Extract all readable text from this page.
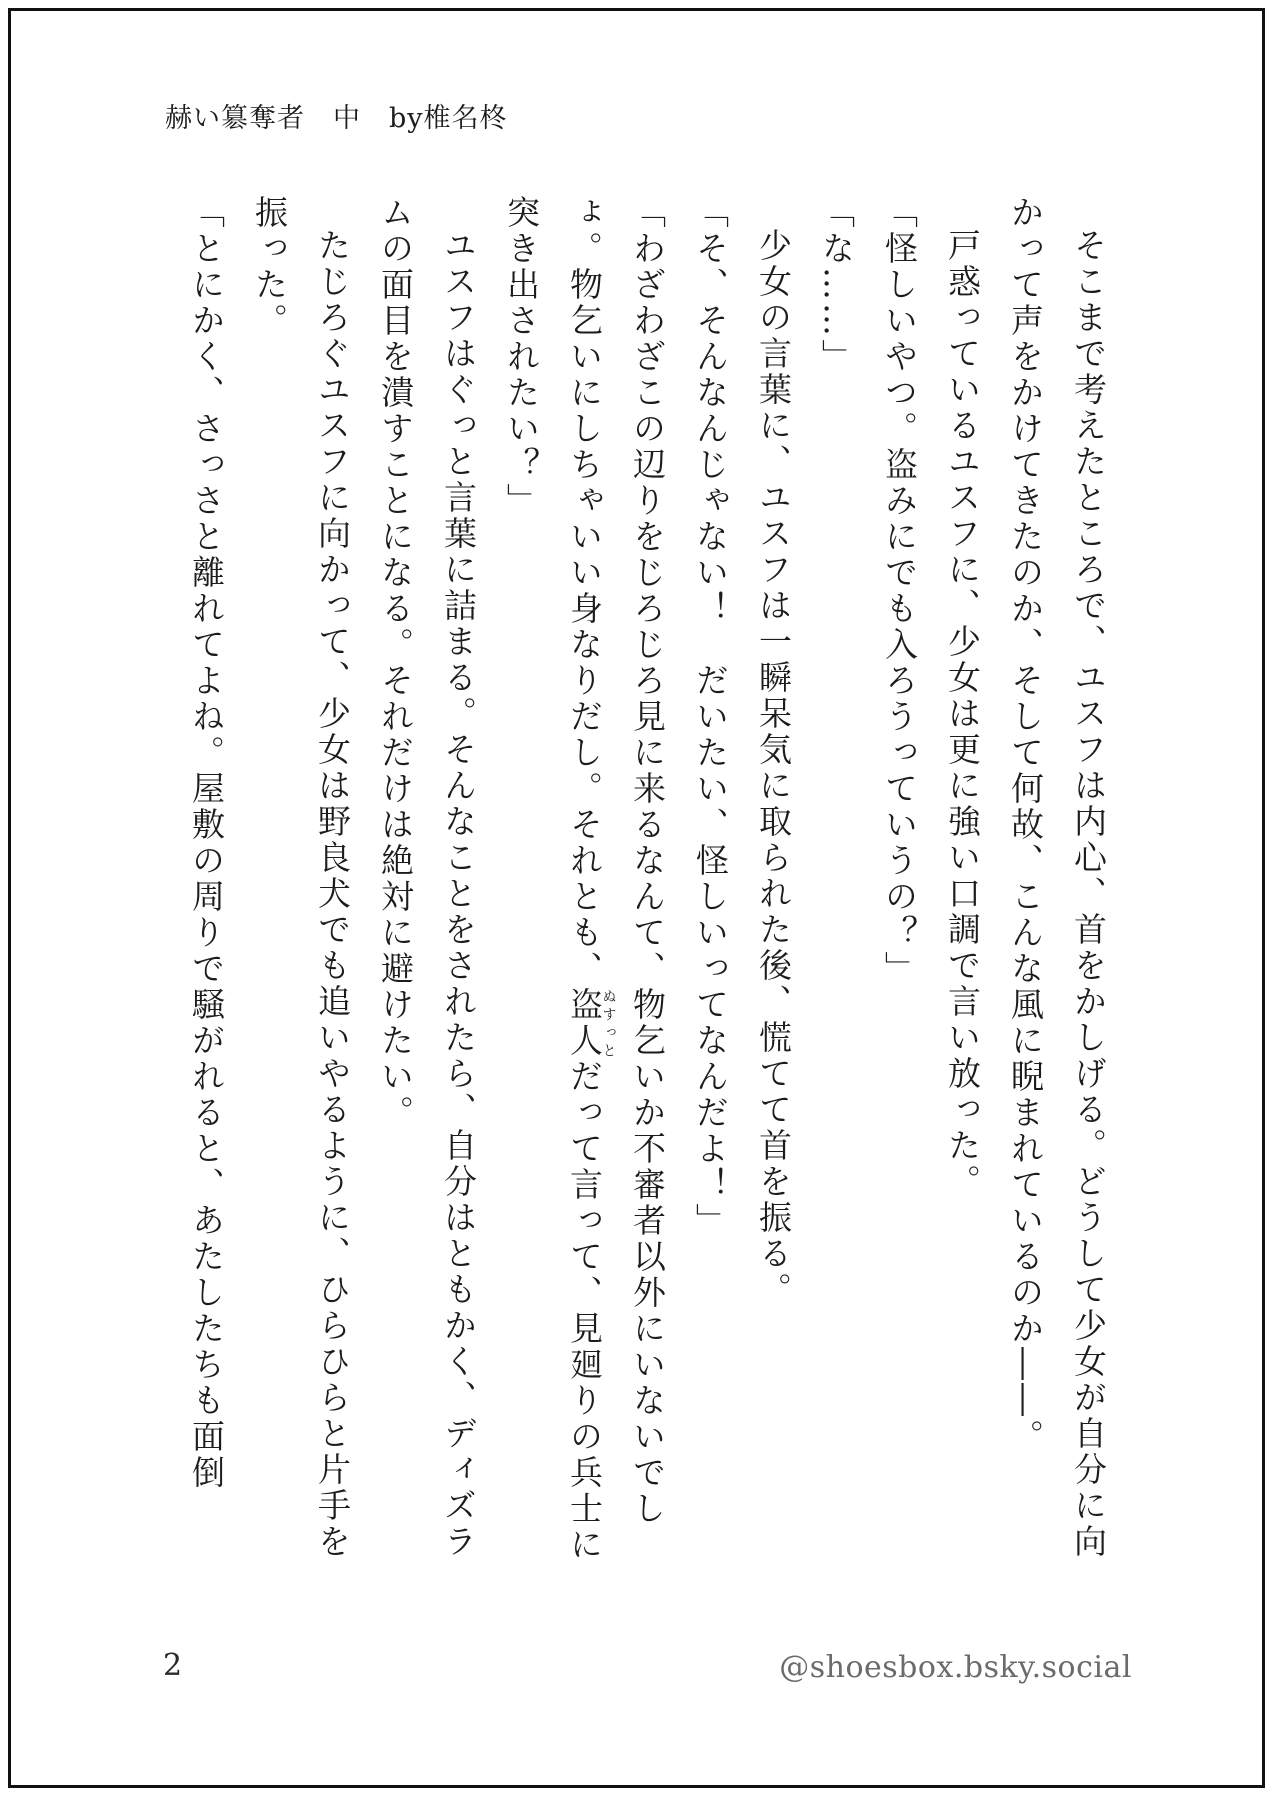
赫い簒奪者　 中　 by椎名柊

そこまで考えたところで、ユスフは内心、首をかしげる。どうして少女が自分に向かって声をかけてきたのか、そして何故、こんな風に睨まれているのか――。

戸惑っているユスフに、少女は更に強い口調で言い放った。

「怪しいやつ。盗みにでも入ろうっていうの？」

「な……」

少女の言葉に、ユスフは一瞬呆気に取られた後、慌てて首を振る。

「そ、そんなんじゃない！　だいたい、怪しいってなんだよ！」

「わざわざこの辺りをじろじろ見に来るなんて、物乞いか不審者以外にいないでしょ。物乞いにしちゃいい身なりだし。それとも、盗人ぬすっとだって言って、見廻りの兵士に突き出されたい？」

ユスフはぐっと言葉に詰まる。そんなことをされたら、自分はともかく、ディズラムの面目を潰すことになる。それだけは絶対に避けたい。

たじろぐユスフに向かって、少女は野良犬でも追いやるように、ひらひらと片手を振った。

「とにかく、さっさと離れてよね。屋敷の周りで騒がれると、あたしたちも面倒

2	@shoesbox.bsky.social
